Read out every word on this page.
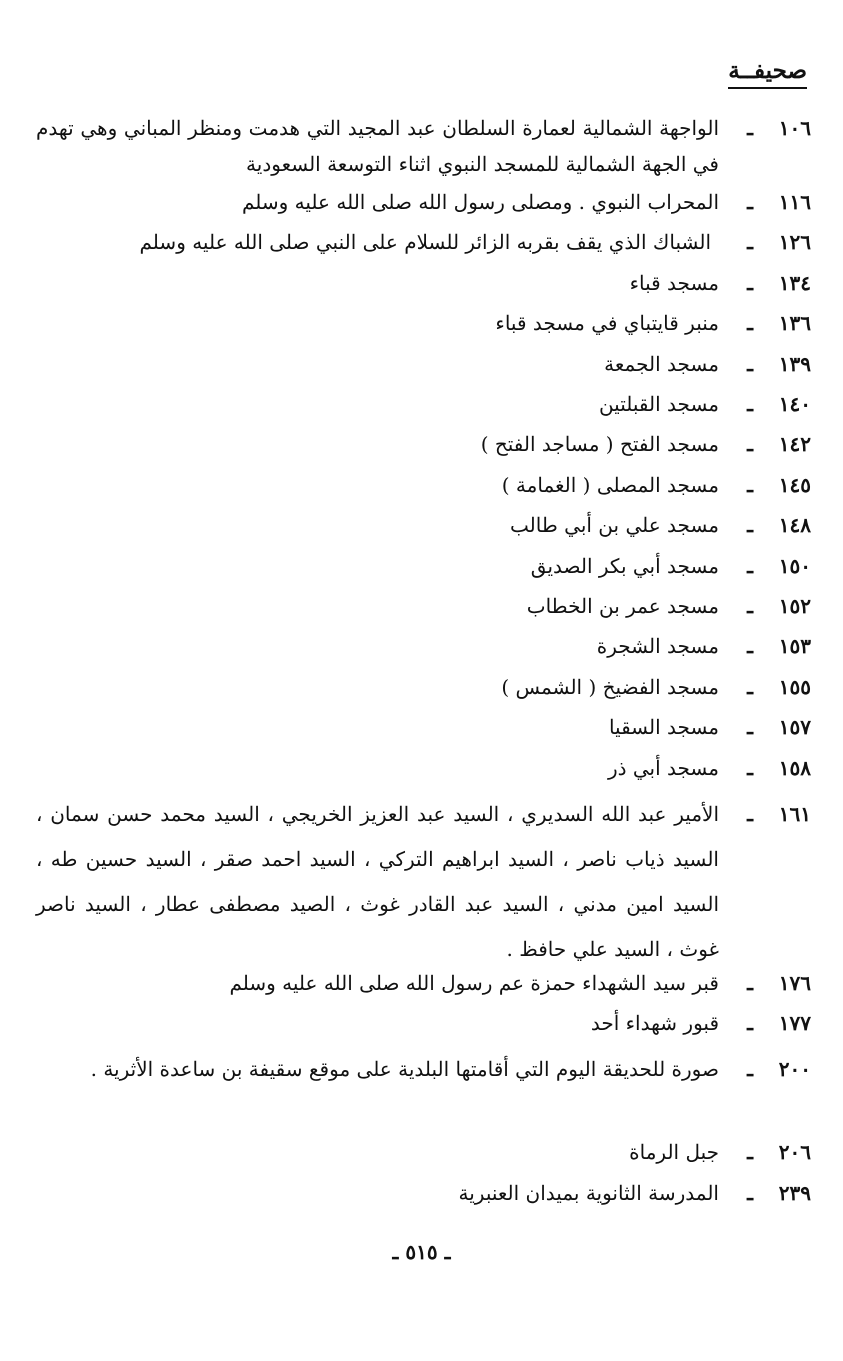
صحيفــة
١٠٦
ـ
الواجهة الشمالية لعمارة السلطان عبد المجيد التي هدمت ومنظر المباني وهي تهدم في الجهة الشمالية للمسجد النبوي اثناء التوسعة السعودية
١١٦
ـ
المحراب النبوي . ومصلى رسول الله صلى الله عليه وسلم
١٢٦
ـ
الشباك الذي يقف بقربه الزائر للسلام على النبي صلى الله عليه وسلم
١٣٤
ـ
مسجد قباء
١٣٦
ـ
منبر قايتباي في مسجد قباء
١٣٩
ـ
مسجد الجمعة
١٤٠
ـ
مسجد القبلتين
١٤٢
ـ
مسجد الفتح ( مساجد الفتح )
١٤٥
ـ
مسجد المصلى ( الغمامة )
١٤٨
ـ
مسجد علي بن أبي طالب
١٥٠
ـ
مسجد أبي بكر الصديق
١٥٢
ـ
مسجد عمر بن الخطاب
١٥٣
ـ
مسجد الشجرة
١٥٥
ـ
مسجد الفضيخ ( الشمس )
١٥٧
ـ
مسجد السقيا
١٥٨
ـ
مسجد أبي ذر
١٦١
ـ
الأمير عبد الله السديري ، السيد عبد العزيز الخريجي ، السيد محمد حسن سمان ، السيد ذياب ناصر ، السيد ابراهيم التركي ، السيد احمد صقر ، السيد حسين طه ، السيد امين مدني ، السيد عبد القادر غوث ، الصيد مصطفى عطار ، السيد ناصر غوث ، السيد علي حافظ .
١٧٦
ـ
قبر سيد الشهداء حمزة عم رسول الله صلى الله عليه وسلم
١٧٧
ـ
قبور شهداء أحد
٢٠٠
ـ
صورة للحديقة اليوم التي أقامتها البلدية على موقع سقيفة بن ساعدة الأثرية .
٢٠٦
ـ
جبل الرماة
٢٣٩
ـ
المدرسة الثانوية بميدان العنبرية
ـ ٥١٥ ـ
